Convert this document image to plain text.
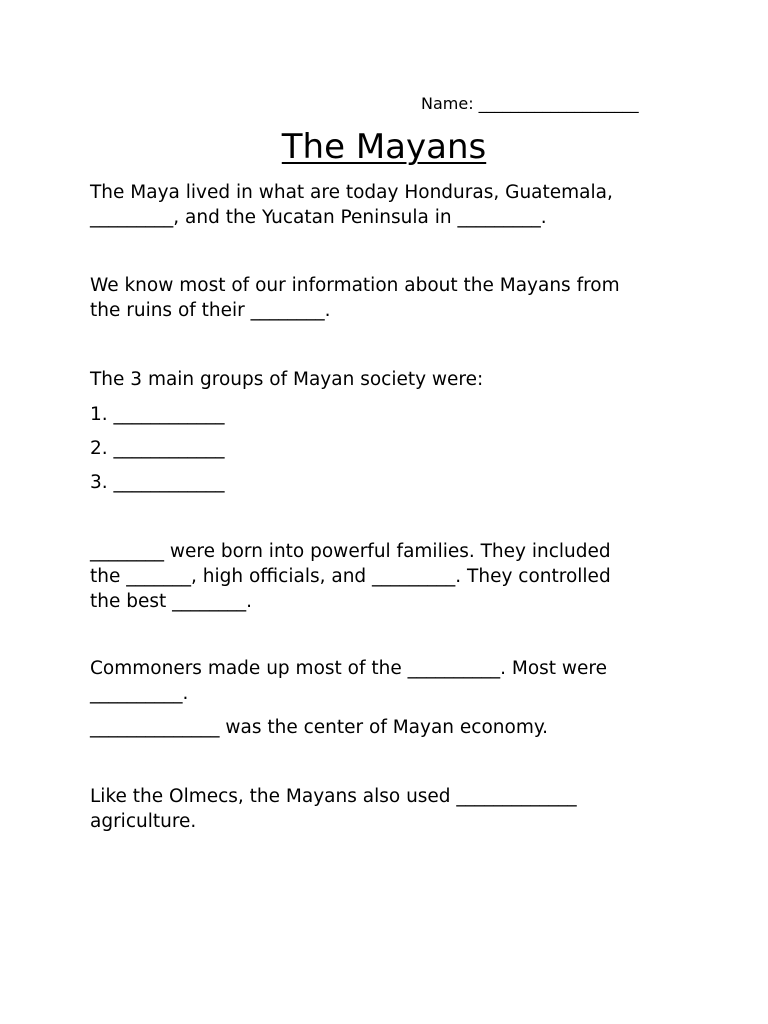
Name: ____________________
The Mayans
The Maya lived in what are today Honduras, Guatemala,
_________, and the Yucatan Peninsula in _________.
We know most of our information about the Mayans from
the ruins of their ________.
The 3 main groups of Mayan society were:
1. ____________
2. ____________
3. ____________
________ were born into powerful families. They included
the _______, high officials, and _________. They controlled
the best ________.
Commoners made up most of the __________. Most were
__________.
______________ was the center of Mayan economy.
Like the Olmecs, the Mayans also used _____________
agriculture.
